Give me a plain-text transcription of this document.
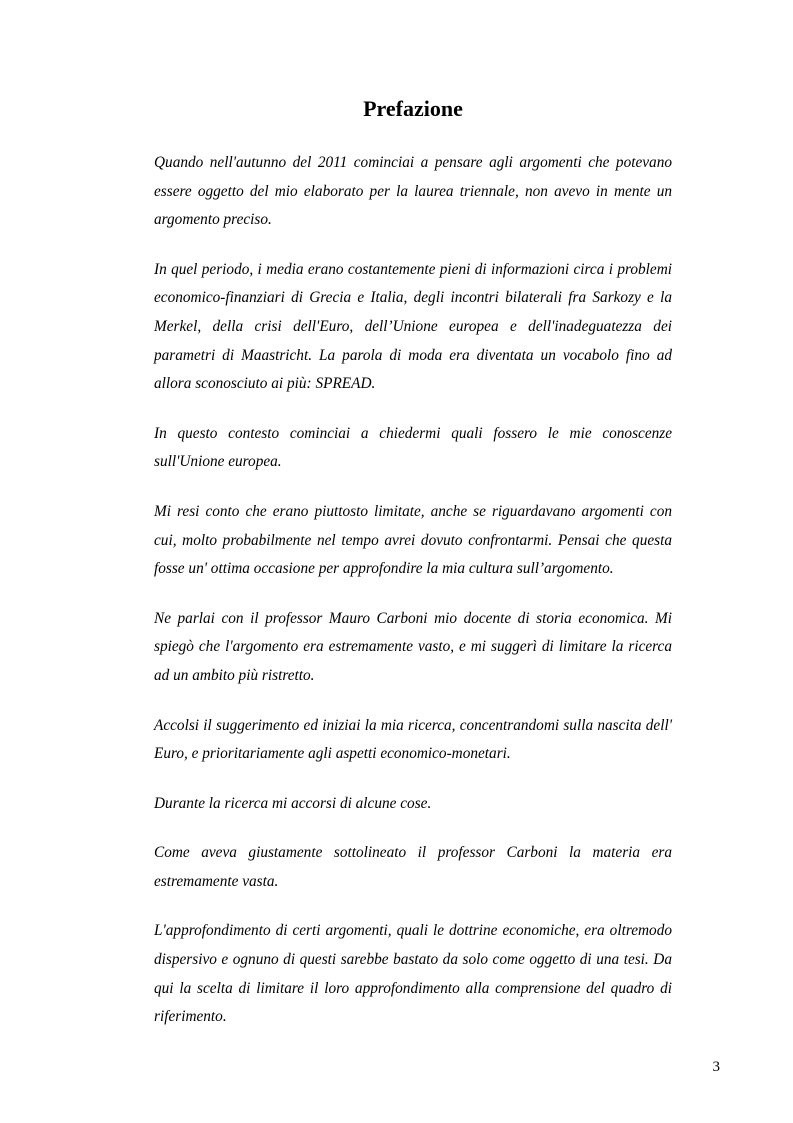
Prefazione

Quando nell'autunno del 2011 cominciai a pensare agli argomenti che potevano essere oggetto del mio elaborato per la laurea triennale, non avevo in mente un argomento preciso.

In quel periodo, i media erano costantemente pieni di informazioni circa i problemi economico-finanziari di Grecia e Italia, degli incontri bilaterali fra Sarkozy e la Merkel, della crisi dell'Euro, dell’Unione europea e dell'inadeguatezza dei parametri di Maastricht. La parola di moda era diventata un vocabolo fino ad allora sconosciuto ai più: SPREAD.

In questo contesto cominciai a chiedermi quali fossero le mie conoscenze sull'Unione europea.

Mi resi conto che erano piuttosto limitate, anche se riguardavano argomenti con cui, molto probabilmente nel tempo avrei dovuto confrontarmi. Pensai che questa fosse un' ottima occasione per approfondire la mia cultura sull’argomento.

Ne parlai con il professor Mauro Carboni mio docente di storia economica. Mi spiegò che l'argomento era estremamente vasto, e mi suggerì di limitare la ricerca ad un ambito più ristretto.

Accolsi il suggerimento ed iniziai la mia ricerca, concentrandomi sulla nascita dell' Euro, e prioritariamente agli aspetti economico-monetari.

Durante la ricerca mi accorsi di alcune cose.

Come aveva giustamente sottolineato il professor Carboni la materia era estremamente vasta.

L'approfondimento di certi argomenti, quali le dottrine economiche, era oltremodo dispersivo e ognuno di questi sarebbe bastato da solo come oggetto di una tesi. Da qui la scelta di limitare il loro approfondimento alla comprensione del quadro di riferimento.

3
